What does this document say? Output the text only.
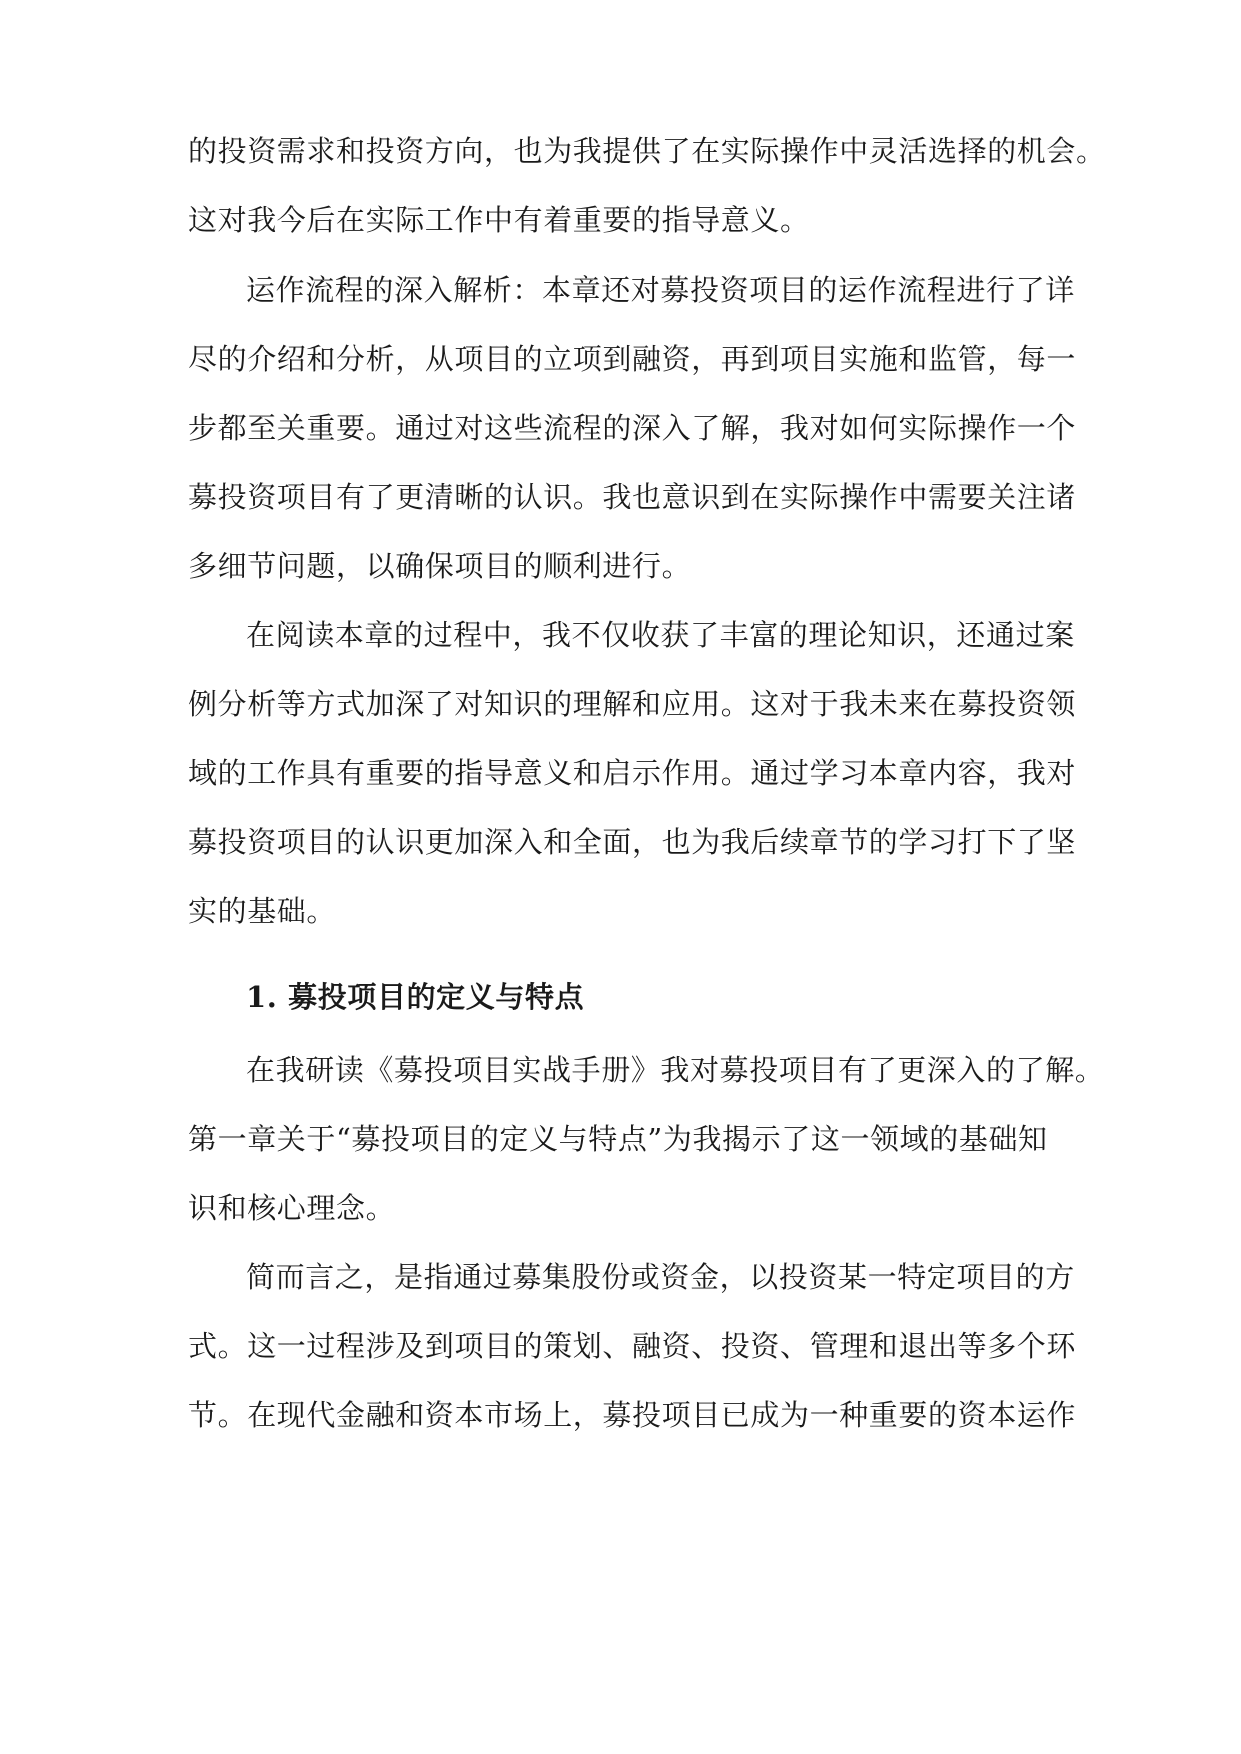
的投资需求和投资方向，也为我提供了在实际操作中灵活选择的机会。
这对我今后在实际工作中有着重要的指导意义。
运作流程的深入解析：本章还对募投资项目的运作流程进行了详
尽的介绍和分析，从项目的立项到融资，再到项目实施和监管，每一
步都至关重要。通过对这些流程的深入了解，我对如何实际操作一个
募投资项目有了更清晰的认识。我也意识到在实际操作中需要关注诸
多细节问题，以确保项目的顺利进行。
在阅读本章的过程中，我不仅收获了丰富的理论知识，还通过案
例分析等方式加深了对知识的理解和应用。这对于我未来在募投资领
域的工作具有重要的指导意义和启示作用。通过学习本章内容，我对
募投资项目的认识更加深入和全面，也为我后续章节的学习打下了坚
实的基础。
1. 募投项目的定义与特点
在我研读《募投项目实战手册》我对募投项目有了更深入的了解。
第一章关于“募投项目的定义与特点”为我揭示了这一领域的基础知
识和核心理念。
简而言之，是指通过募集股份或资金，以投资某一特定项目的方
式。这一过程涉及到项目的策划、融资、投资、管理和退出等多个环
节。在现代金融和资本市场上，募投项目已成为一种重要的资本运作
